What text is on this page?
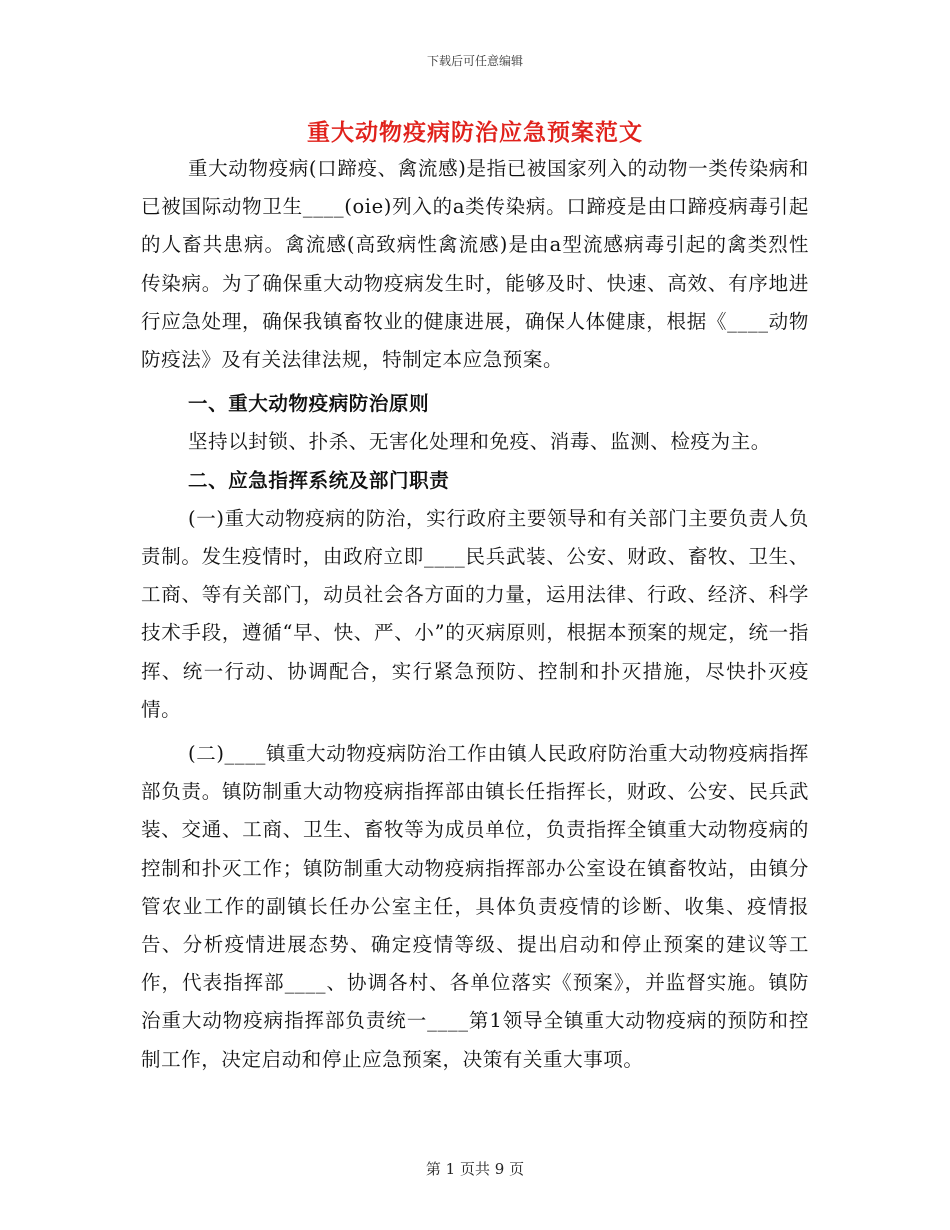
下载后可任意编辑
重大动物疫病防治应急预案范文

重大动物疫病(口蹄疫、禽流感)是指已被国家列入的动物一类传染病和已被国际动物卫生____(oie)列入的a类传染病。口蹄疫是由口蹄疫病毒引起的人畜共患病。禽流感(高致病性禽流感)是由a型流感病毒引起的禽类烈性传染病。为了确保重大动物疫病发生时，能够及时、快速、高效、有序地进行应急处理，确保我镇畜牧业的健康进展，确保人体健康，根据《____动物防疫法》及有关法律法规，特制定本应急预案。

一、重大动物疫病防治原则

坚持以封锁、扑杀、无害化处理和免疫、消毒、监测、检疫为主。

二、应急指挥系统及部门职责

(一)重大动物疫病的防治，实行政府主要领导和有关部门主要负责人负责制。发生疫情时，由政府立即____民兵武装、公安、财政、畜牧、卫生、工商、等有关部门，动员社会各方面的力量，运用法律、行政、经济、科学技术手段，遵循“早、快、严、小”的灭病原则，根据本预案的规定，统一指挥、统一行动、协调配合，实行紧急预防、控制和扑灭措施，尽快扑灭疫情。

(二)____镇重大动物疫病防治工作由镇人民政府防治重大动物疫病指挥部负责。镇防制重大动物疫病指挥部由镇长任指挥长，财政、公安、民兵武装、交通、工商、卫生、畜牧等为成员单位，负责指挥全镇重大动物疫病的控制和扑灭工作；镇防制重大动物疫病指挥部办公室设在镇畜牧站，由镇分管农业工作的副镇长任办公室主任，具体负责疫情的诊断、收集、疫情报告、分析疫情进展态势、确定疫情等级、提出启动和停止预案的建议等工作，代表指挥部____、协调各村、各单位落实《预案》，并监督实施。镇防治重大动物疫病指挥部负责统一____第1领导全镇重大动物疫病的预防和控制工作，决定启动和停止应急预案，决策有关重大事项。

第 1 页共 9 页
